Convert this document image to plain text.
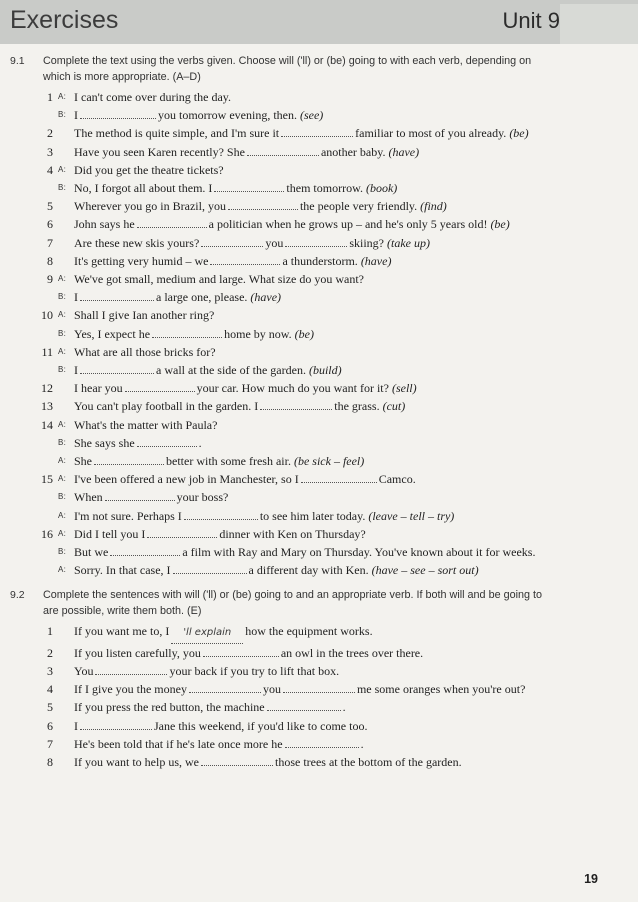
Exercises	Unit 9
9.1 Complete the text using the verbs given. Choose will ('ll) or (be) going to with each verb, depending on which is more appropriate. (A–D)
1 A: I can't come over during the day.
B: I	you tomorrow evening, then. (see)
2 The method is quite simple, and I'm sure it	familiar to most of you already. (be)
3 Have you seen Karen recently? She	another baby. (have)
4 A: Did you get the theatre tickets?
B: No, I forgot all about them. I	them tomorrow. (book)
5 Wherever you go in Brazil, you	the people very friendly. (find)
6 John says he	a politician when he grows up – and he's only 5 years old! (be)
7 Are these new skis yours?	you	skiing? (take up)
8 It's getting very humid – we	a thunderstorm. (have)
9 A: We've got small, medium and large. What size do you want?
B: I	a large one, please. (have)
10 A: Shall I give Ian another ring?
B: Yes, I expect he	home by now. (be)
11 A: What are all those bricks for?
B: I	a wall at the side of the garden. (build)
12 I hear you	your car. How much do you want for it? (sell)
13 You can't play football in the garden. I	the grass. (cut)
14 A: What's the matter with Paula?
B: She says she	.
A: She	better with some fresh air. (be sick – feel)
15 A: I've been offered a new job in Manchester, so I	Camco.
B: When	your boss?
A: I'm not sure. Perhaps I	to see him later today. (leave – tell – try)
16 A: Did I tell you I	dinner with Ken on Thursday?
B: But we	a film with Ray and Mary on Thursday. You've known about it for weeks.
A: Sorry. In that case, I	a different day with Ken. (have – see – sort out)
9.2 Complete the sentences with will ('ll) or (be) going to and an appropriate verb. If both will and be going to are possible, write them both. (E)
1 If you want me to, I 'll explain how the equipment works.
2 If you listen carefully, you	an owl in the trees over there.
3 You	your back if you try to lift that box.
4 If I give you the money	you	me some oranges when you're out?
5 If you press the red button, the machine	.
6 I	Jane this weekend, if you'd like to come too.
7 He's been told that if he's late once more he	.
8 If you want to help us, we	those trees at the bottom of the garden.
19
